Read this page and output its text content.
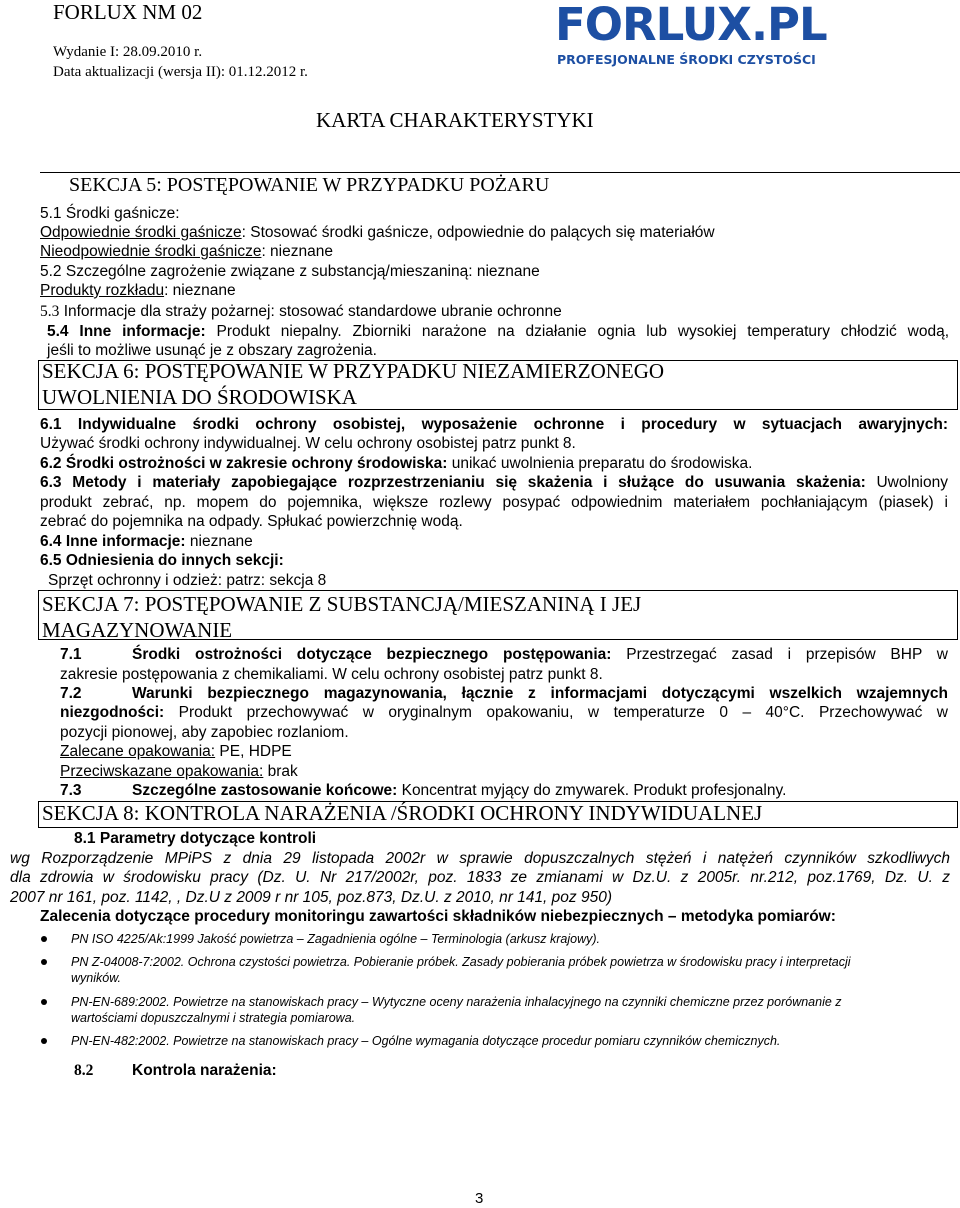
FORLUX NM 02
Wydanie I: 28.09.2010 r.
Data aktualizacji (wersja II): 01.12.2012 r.
FORLUX.PL
PROFESJONALNE ŚRODKI CZYSTOŚCI
KARTA CHARAKTERYSTYKI
SEKCJA 5: POSTĘPOWANIE W PRZYPADKU POŻARU
5.1 Środki gaśnicze:
Odpowiednie środki gaśnicze: Stosować środki gaśnicze, odpowiednie do palących się materiałów
Nieodpowiednie środki gaśnicze: nieznane
5.2 Szczególne zagrożenie związane z substancją/mieszaniną: nieznane
Produkty rozkładu: nieznane
5.3 Informacje dla straży pożarnej: stosować standardowe ubranie ochronne
5.4 Inne informacje: Produkt niepalny. Zbiorniki narażone na działanie ognia lub wysokiej temperatury chłodzić wodą,
jeśli to możliwe usunąć je z obszary zagrożenia.
SEKCJA 6: POSTĘPOWANIE W PRZYPADKU NIEZAMIERZONEGO
UWOLNIENIA DO ŚRODOWISKA
6.1 Indywidualne środki ochrony osobistej, wyposażenie ochronne i procedury w sytuacjach awaryjnych:
Używać środki ochrony indywidualnej. W celu ochrony osobistej patrz punkt 8.
6.2 Środki ostrożności w zakresie ochrony środowiska: unikać uwolnienia preparatu do środowiska.
6.3 Metody i materiały zapobiegające rozprzestrzenianiu się skażenia i służące do usuwania skażenia: Uwolniony
produkt zebrać, np. mopem do pojemnika, większe rozlewy posypać odpowiednim materiałem pochłaniającym (piasek) i
zebrać do pojemnika na odpady. Spłukać powierzchnię wodą.
6.4 Inne informacje: nieznane
6.5 Odniesienia do innych sekcji:
Sprzęt ochronny i odzież: patrz: sekcja 8
SEKCJA 7: POSTĘPOWANIE Z SUBSTANCJĄ/MIESZANINĄ I JEJ
MAGAZYNOWANIE
7.1	Środki ostrożności dotyczące bezpiecznego postępowania: Przestrzegać zasad i przepisów BHP w
zakresie postępowania z chemikaliami. W celu ochrony osobistej patrz punkt 8.
7.2	Warunki bezpiecznego magazynowania, łącznie z informacjami dotyczącymi wszelkich wzajemnych
niezgodności: Produkt przechowywać w oryginalnym opakowaniu, w temperaturze 0 – 40°C. Przechowywać w
pozycji pionowej, aby zapobiec rozlaniom.
Zalecane opakowania: PE, HDPE
Przeciwskazane opakowania: brak
7.3	Szczególne zastosowanie końcowe: Koncentrat myjący do zmywarek. Produkt profesjonalny.
SEKCJA 8: KONTROLA NARAŻENIA /ŚRODKI OCHRONY INDYWIDUALNEJ
8.1 Parametry dotyczące kontroli
wg Rozporządzenie MPiPS z dnia 29 listopada 2002r w sprawie dopuszczalnych stężeń i natężeń czynników szkodliwych
dla zdrowia w środowisku pracy (Dz. U. Nr 217/2002r, poz. 1833 ze zmianami w Dz.U. z 2005r. nr.212, poz.1769, Dz. U. z
2007 nr 161, poz. 1142, , Dz.U z 2009 r nr 105, poz.873, Dz.U. z 2010, nr 141, poz 950)
Zalecenia dotyczące procedury monitoringu zawartości składników niebezpiecznych – metodyka pomiarów:
PN ISO 4225/Ak:1999 Jakość powietrza – Zagadnienia ogólne – Terminologia (arkusz krajowy).
PN Z-04008-7:2002. Ochrona czystości powietrza. Pobieranie próbek. Zasady pobierania próbek powietrza w środowisku pracy i interpretacji
wyników.
PN-EN-689:2002. Powietrze na stanowiskach pracy – Wytyczne oceny narażenia inhalacyjnego na czynniki chemiczne przez porównanie z
wartościami dopuszczalnymi i strategia pomiarowa.
PN-EN-482:2002. Powietrze na stanowiskach pracy – Ogólne wymagania dotyczące procedur pomiaru czynników chemicznych.
8.2 Kontrola narażenia:
3
